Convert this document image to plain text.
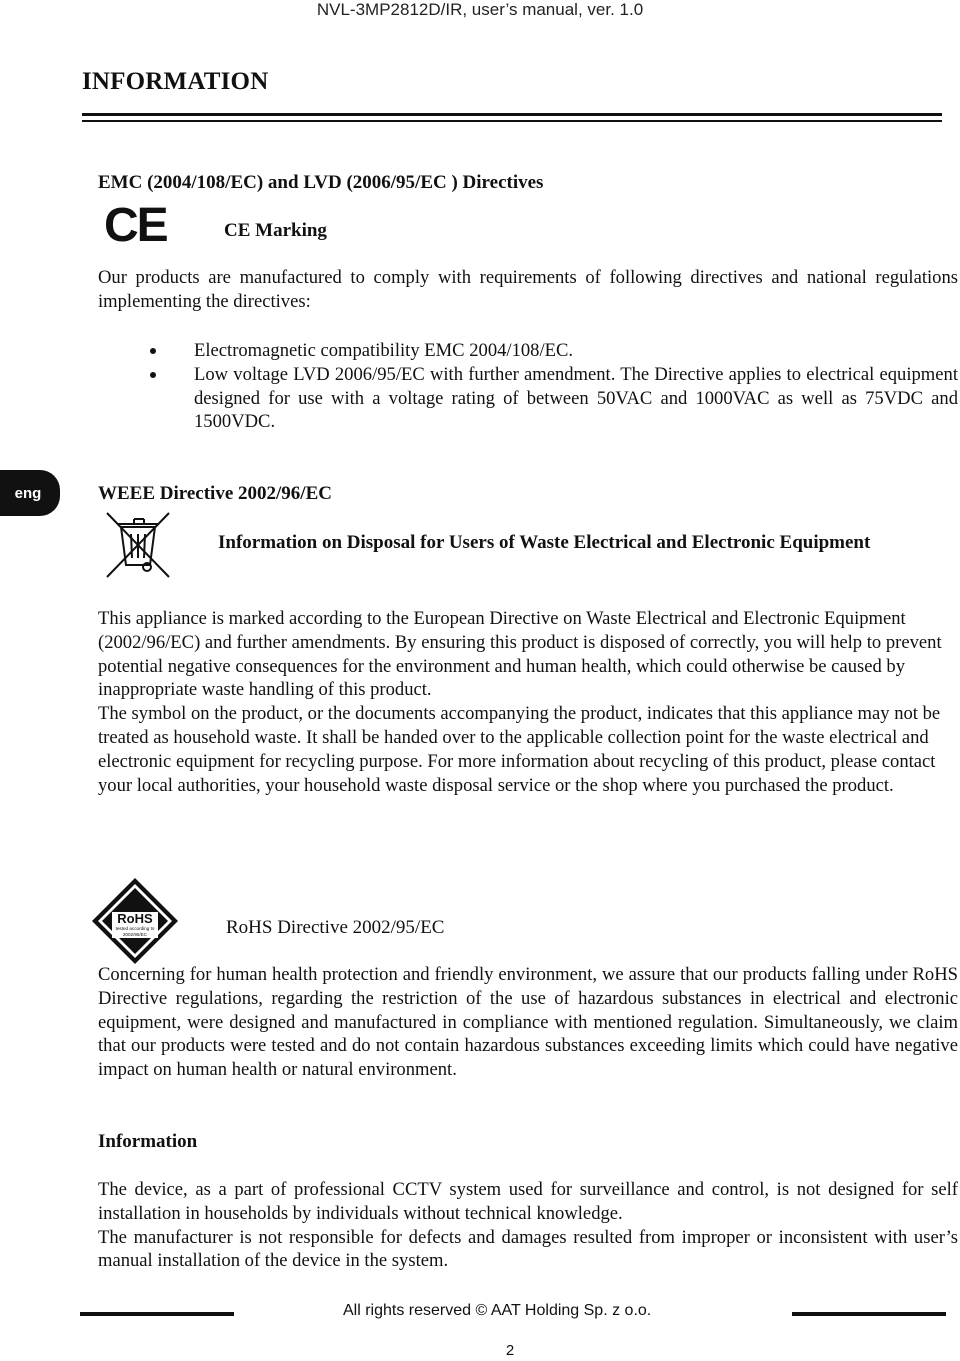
NVL-3MP2812D/IR, user’s manual, ver. 1.0
INFORMATION
EMC (2004/108/EC) and LVD (2006/95/EC ) Directives
CE	CE Marking
Our products are manufactured to comply with requirements of following directives and national regulations implementing the directives:
Electromagnetic compatibility EMC 2004/108/EC.
Low voltage LVD 2006/95/EC with further amendment. The Directive applies to electrical equipment designed for use with a voltage rating of between 50VAC and 1000VAC as well as 75VDC and 1500VDC.
eng	WEEE Directive 2002/96/EC
Information on Disposal for Users of Waste Electrical and Electronic Equipment

This appliance is marked according to the European Directive on Waste Electrical and Electronic Equipment (2002/96/EC) and further amendments. By ensuring this product is disposed of correctly, you will help to prevent potential negative consequences for the environment and human health, which could otherwise be caused by inappropriate waste handling of this product.

The symbol on the product, or the documents accompanying the product, indicates that this appliance may not be treated as household waste. It shall be handed over to the applicable collection point for the waste electrical and electronic equipment for recycling purpose. For more information about recycling of this product, please contact your local authorities, your household waste disposal service or the shop where you purchased the product.

RoHS
tested according to
2002/95/EC	RoHS Directive 2002/95/EC
Concerning for human health protection and friendly environment, we assure that our products falling under RoHS Directive regulations, regarding the restriction of the use of hazardous substances in electrical and electronic equipment, were designed and manufactured in compliance with mentioned regulation. Simultaneously, we claim that our products were tested and do not contain hazardous substances exceeding limits which could have negative impact on human health or natural environment.
Information

The device, as a part of professional CCTV system used for surveillance and control, is not designed for self installation in households by individuals without technical knowledge.

The manufacturer is not responsible for defects and damages resulted from improper or inconsistent with user’s manual installation of the device in the system.

All rights reserved © AAT Holding Sp. z o.o.
2
